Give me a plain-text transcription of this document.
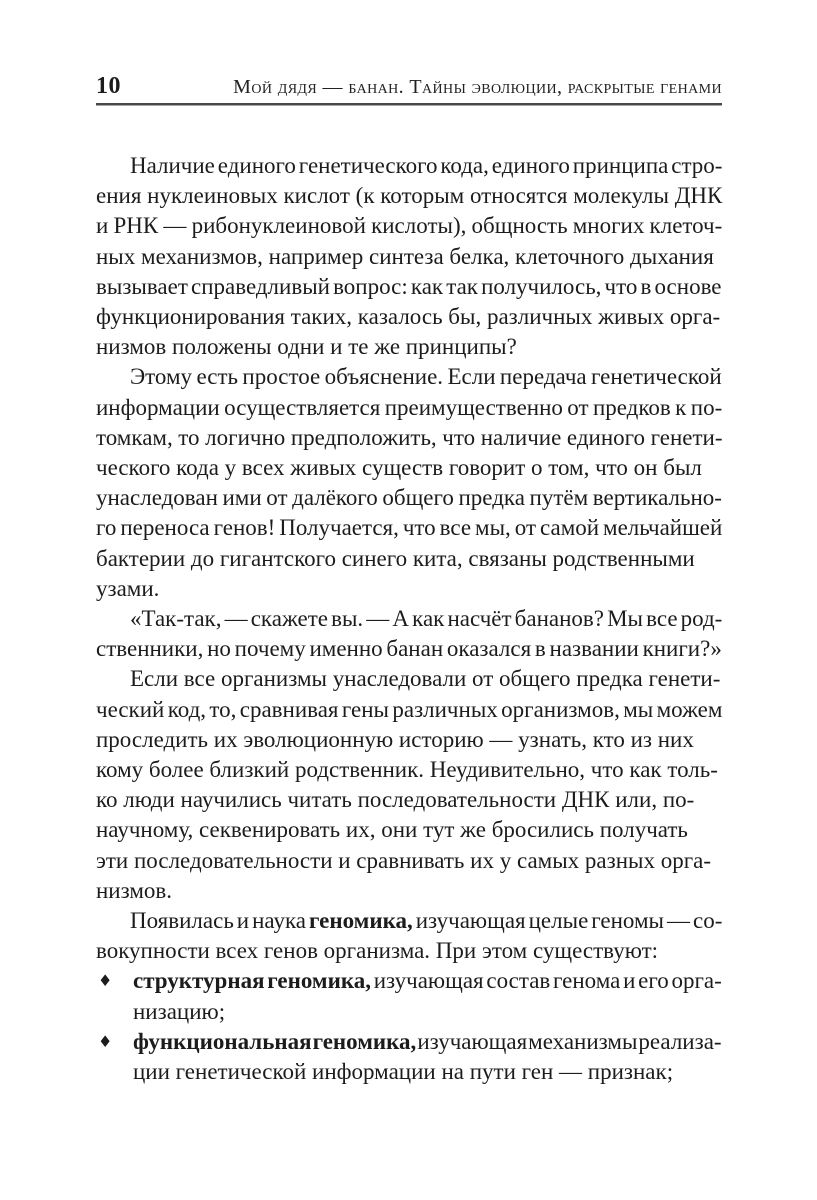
10	Мой дядя — банан. Тайны эволюции, раскрытые генами
Наличие единого генетического кода, единого принципа стро-
ения нуклеиновых кислот (к которым относятся молекулы ДНК
и РНК — рибонуклеиновой кислоты), общность многих клеточ-
ных механизмов, например синтеза белка, клеточного дыхания
вызывает справедливый вопрос: как так получилось, что в основе
функционирования таких, казалось бы, различных живых орга-
низмов положены одни и те же принципы?
Этому есть простое объяснение. Если передача генетической
информации осуществляется преимущественно от предков к по-
томкам, то логично предположить, что наличие единого генети-
ческого кода у всех живых существ говорит о том, что он был
унаследован ими от далёкого общего предка путём вертикально-
го переноса генов! Получается, что все мы, от самой мельчайшей
бактерии до гигантского синего кита, связаны родственными
узами.
«Так-так, — скажете вы. — А как насчёт бананов? Мы все род-
ственники, но почему именно банан оказался в названии книги?»
Если все организмы унаследовали от общего предка генети-
ческий код, то, сравнивая гены различных организмов, мы можем
проследить их эволюционную историю — узнать, кто из них
кому более близкий родственник. Неудивительно, что как толь-
ко люди научились читать последовательности ДНК или, по-
научному, секвенировать их, они тут же бросились получать
эти последовательности и сравнивать их у самых разных орга-
низмов.
Появилась и наука геномика, изучающая целые геномы — со-
вокупности всех генов организма. При этом существуют:
♦ структурная геномика, изучающая состав генома и его орга-
низацию;
♦ функциональная геномика, изучающая механизмы реализа-
ции генетической информации на пути ген — признак;
